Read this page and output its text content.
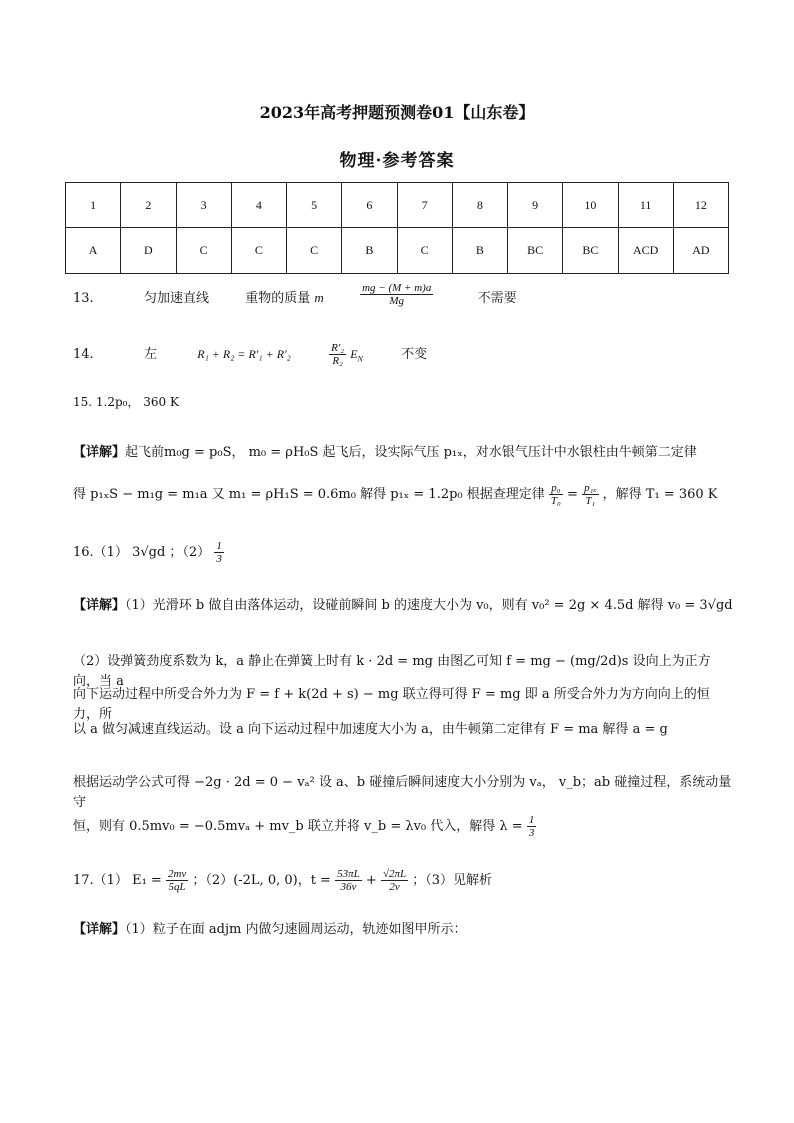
2023年高考押题预测卷01【山东卷】
物理·参考答案
1	2	3	4	5	6	7	8	9	10	11	12
A	D	C	C	C	B	C	B	BC	BC	ACD	AD
13.	匀加速直线	重物的质量 m	$\frac{mg - (M + m)a}{Mg}$	不需要
14.	左	R₁ + R₂ = R′₁ + R′₂	$\frac{\text{R′₂}}{\text{R₂}} E_N$	不变
15. 1.2p₀， 360 K
【详解】起飞前m₀g = p₀S， m₀ = ρH₀S 起飞后，设实际气压 p₁ₓ，对水银气压计中水银柱由牛顿第二定律
得 p₁ₓS − m₁g = m₁a 又 m₁ = ρH₁S = 0.6m₀ 解得 p₁ₓ = 1.2p₀ 根据查理定律 $\frac{\text{p₀}}{\text{T₀}} = \frac{\text{p₁ₓ}}{\text{T₁}}$ ，解得 T₁ = 360 K
16.（1） 3√gd ；$(2) \frac{1}{3}$
【详解】（1）光滑环 b 做自由落体运动，设碰前瞬间 b 的速度大小为 v₀，则有 v₀² = 2g × 4.5d 解得 v₀ = 3√gd
（2）设弹簧劲度系数为 k，a 静止在弹簧上时有 k · 2d = mg 由图乙可知 f = mg − (mg/2d)s 设向上为正方向，当 a
向下运动过程中所受合外力为 F = f + k(2d + s) − mg 联立得可得 F = mg 即 a 所受合外力为方向向上的恒力，所
以 a 做匀减速直线运动。设 a 向下运动过程中加速度大小为 a，由牛顿第二定律有 F = ma 解得 a = g
根据运动学公式可得 −2g · 2d = 0 − vₐ² 设 a、b 碰撞后瞬间速度大小分别为 vₐ， v_b；ab 碰撞过程，系统动量守
恒，则有 0.5mv₀ = −0.5mvₐ + mv_b 联立并将 v_b = λv₀ 代入，解得 $\lambda = \frac{1}{3}$
17.（1） $E_1 = \frac{2mv}{5qL}$ ；（2）(-2L, 0, 0)，$t = \frac{53\pi L}{36v} + \frac{√2\pi L}{2v}$ ；（3）见解析
【详解】（1）粒子在面 adjm 内做匀速圆周运动，轨迹如图甲所示：
